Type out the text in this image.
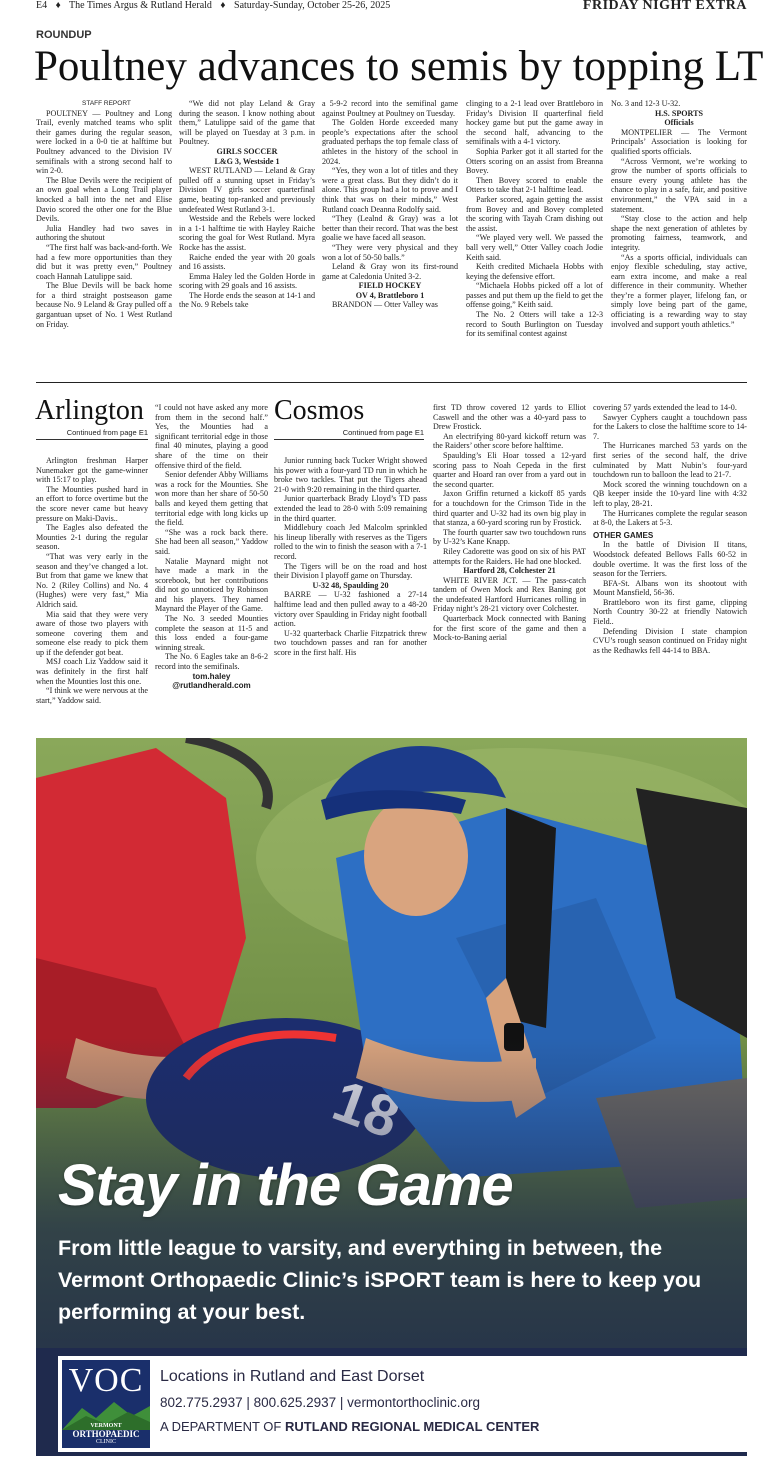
E4 ♦ The Times Argus & Rutland Herald ♦ Saturday-Sunday, October 25-26, 2025	FRIDAY NIGHT EXTRA
ROUNDUP
Poultney advances to semis by topping LT

STAFF REPORT

POULTNEY — Poultney and Long Trail, evenly matched teams who split their games during the regular season, were locked in a 0-0 tie at halftime but Poultney advanced to the Division IV semifinals with a strong second half to win 2-0.

The Blue Devils were the recipient of an own goal when a Long Trail player knocked a ball into the net and Elise Davio scored the other one for the Blue Devils.

Julia Handley had two saves in authoring the shutout

“The first half was back-and-forth. We had a few more opportunities than they did but it was pretty even,” Poultney coach Hannah Latulippe said.

The Blue Devils will be back home for a third straight postseason game because No. 9 Leland & Gray pulled off a gargantuan upset of No. 1 West Rutland on Friday.

“We did not play Leland & Gray during the season. I know nothing about them,” Latulippe said of the game that will be played on Tuesday at 3 p.m. in Poultney.

GIRLS SOCCER

L&G 3, Westside 1

WEST RUTLAND — Leland & Gray pulled off a stunning upset in Friday’s Division IV girls soccer quarterfinal game, beating top-ranked and previously undefeated West Rutland 3-1.

Westside and the Rebels were locked in a 1-1 halftime tie with Hayley Raiche scoring the goal for West Rutland. Myra Rocke has the assist.

Raiche ended the year with 20 goals and 16 assists.

Emma Haley led the Golden Horde in scoring with 29 goals and 16 assists.

The Horde ends the season at 14-1 and the No. 9 Rebels take

a 5-9-2 record into the semifinal game against Poultney at Poultney on Tuesday.

The Golden Horde exceeded many people’s expectations after the school graduated perhaps the top female class of athletes in the history of the school in 2024.

“Yes, they won a lot of titles and they were a great class. But they didn’t do it alone. This group had a lot to prove and I think that was on their minds,” West Rutland coach Deanna Rodolfy said.

“They (Lealnd & Gray) was a lot better than their record. That was the best goalie we have faced all season.

“They were very physical and they won a lot of 50-50 balls.”

Leland & Gray won its first-round game at Caledonia United 3-2.

FIELD HOCKEY

OV 4, Brattleboro 1

BRANDON — Otter Valley was

clinging to a 2-1 lead over Brattleboro in Friday’s Division II quarterfinal field hockey game but put the game away in the second half, advancing to the semifinals with a 4-1 victory.

Sophia Parker got it all started for the Otters scoring on an assist from Breanna Bovey.

Then Bovey scored to enable the Otters to take that 2-1 halftime lead.

Parker scored, again getting the assist from Bovey and and Bovey completed the scoring with Tayah Cram dishing out the assist.

“We played very well. We passed the ball very well,” Otter Valley coach Jodie Keith said.

Keith credited Michaela Hobbs with keying the defensive effort.

“Michaela Hobbs picked off a lot of passes and put them up the field to get the offense going,” Keith said.

The No. 2 Otters will take a 12-3 record to South Burlington on Tuesday for its semifinal contest against

No. 3 and 12-3 U-32.

H.S. SPORTS

Officials

MONTPELIER — The Vermont Principals’ Association is looking for qualified sports officials.

“Across Vermont, we’re working to grow the number of sports officials to ensure every young athlete has the chance to play in a safe, fair, and positive environment,” the VPA said in a statement.

“Stay close to the action and help shape the next generation of athletes by promoting fairness, teamwork, and integrity.

“As a sports official, individuals can enjoy flexible scheduling, stay active, earn extra income, and make a real difference in their community. Whether they’re a former player, lifelong fan, or simply love being part of the game, officiating is a rewarding way to stay involved and support youth athletics.”

Arlington
Continued from page E1

Arlington freshman Harper Nunemaker got the game-winner with 15:17 to play.

The Mounties pushed hard in an effort to force overtime but the the score never came but heavy pressure on Maki-Davis..

The Eagles also defeated the Mounties 2-1 during the regular season.

“That was very early in the season and they’ve changed a lot. But from that game we knew that No. 2 (Riley Collins) and No. 4 (Hughes) were very fast,” Mia Aldrich said.

Mia said that they were very aware of those two players with someone covering them and someone else ready to pick them up if the defender got beat.

MSJ coach Liz Yaddow said it was definitely in the first half when the Mounties lost this one.

“I think we were nervous at the start,” Yaddow said.

“I could not have asked any more from them in the second half.” Yes, the Mounties had a significant territorial edge in those final 40 minutes, playing a good share of the time on their offensive third of the field.

Senior defender Abby Williams was a rock for the Mounties. She won more than her share of 50-50 balls and keyed them getting that territorial edge with long kicks up the field.

“She was a rock back there. She had been all season,” Yaddow said.

Natalie Maynard might not have made a mark in the scorebook, but her contributions did not go unnoticed by Robinson and his players. They named Maynard the Player of the Game.

The No. 3 seeded Mounties complete the season at 11-5 and this loss ended a four-game winning streak.

The No. 6 Eagles take an 8-6-2 record into the semifinals.

tom.haley

@rutlandherald.com

Cosmos
Continued from page E1

Junior running back Tucker Wright showed his power with a four-yard TD run in which he broke two tackles. That put the Tigers ahead 21-0 with 9:20 remaining in the third quarter.

Junior quarterback Brady Lloyd’s TD pass extended the lead to 28-0 with 5:09 remaining in the third quarter.

Middlebury coach Jed Malcolm sprinkled his lineup liberally with reserves as the Tigers rolled to the win to finish the season with a 7-1 record.

The Tigers will be on the road and host their Division I playoff game on Thursday.

U-32 48, Spaulding 20

BARRE — U-32 fashioned a 27-14 halftime lead and then pulled away to a 48-20 victory over Spaulding in Friday night football action.

U-32 quarterback Charlie Fitzpatrick threw two touchdown passes and ran for another score in the first half. His

first TD throw covered 12 yards to Elliot Caswell and the other was a 40-yard pass to Drew Frostick.

An electrifying 80-yard kickoff return was the Raiders’ other score before halftime.

Spaulding’s Eli Hoar tossed a 12-yard scoring pass to Noah Cepeda in the first quarter and Hoard ran over from a yard out in the second quarter.

Jaxon Griffin returned a kickoff 85 yards for a touchdown for the Crimson Tide in the third quarter and U-32 had its own big play in that stanza, a 60-yard scoring run by Frostick.

The fourth quarter saw two touchdown runs by U-32’s Kane Knapp.

Riley Cadorette was good on six of his PAT attempts for the Raiders. He had one blocked.

Hartford 28, Colchester 21

WHITE RIVER JCT. — The pass-catch tandem of Owen Mock and Rex Baning got the undefeated Hartford Hurricanes rolling in Friday night’s 28-21 victory over Colchester.

Quarterback Mock connected with Baning for the first score of the game and then a Mock-to-Baning aerial

covering 57 yards extended the lead to 14-0.

Sawyer Cyphers caught a touchdown pass for the Lakers to close the halftime score to 14-7.

The Hurricanes marched 53 yards on the first series of the second half, the drive culminated by Matt Nubin’s four-yard touchdown run to balloon the lead to 21-7.

Mock scored the winning touchdown on a QB keeper inside the 10-yard line with 4:32 left to play, 28-21.

The Hurricanes complete the regular season at 8-0, the Lakers at 5-3.

OTHER GAMES

In the battle of Division II titans, Woodstock defeated Bellows Falls 60-52 in double overtime. It was the first loss of the season for the Terriers.

BFA-St. Albans won its shootout with Mount Mansfield, 56-36.

Brattleboro won its first game, clipping North Country 30-22 at friendly Natowich Field..

Defending Division I state champion CVU’s rough season continued on Friday night as the Redhawks fell 44-14 to BBA.

Stay in the Game
From little league to varsity, and everything in between, the Vermont Orthopaedic Clinic’s iSPORT team is here to keep you performing at your best.
VOC
VERMONT
ORTHOPAEDIC
CLINIC
Locations in Rutland and East Dorset
802.775.2937 | 800.625.2937 | vermontorthoclinic.org
A DEPARTMENT OF RUTLAND REGIONAL MEDICAL CENTER
